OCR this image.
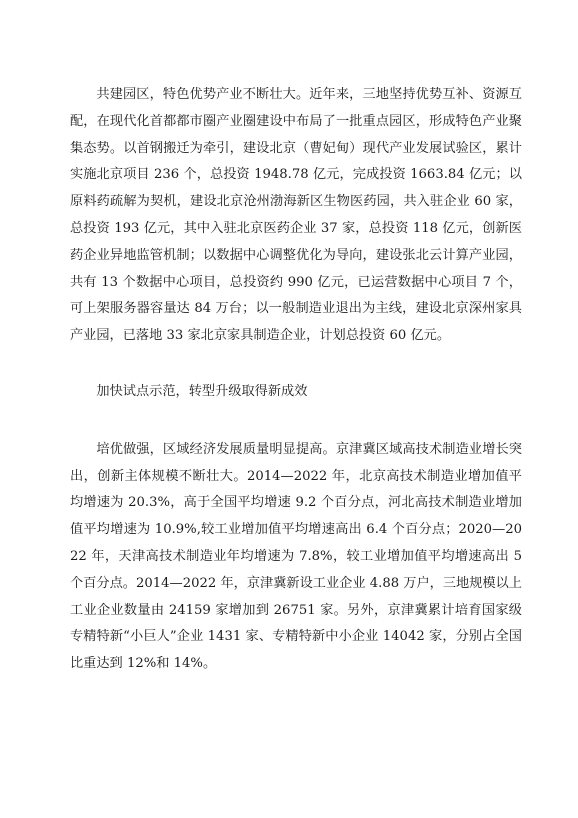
共建园区，特色优势产业不断壮大。近年来，三地坚持优势互补、资源互配，在现代化首都都市圈产业圈建设中布局了一批重点园区，形成特色产业聚集态势。以首钢搬迁为牵引，建设北京（曹妃甸）现代产业发展试验区，累计实施北京项目 236 个，总投资 1948.78 亿元，完成投资 1663.84 亿元；以原料药疏解为契机，建设北京沧州渤海新区生物医药园，共入驻企业 60 家，总投资 193 亿元，其中入驻北京医药企业 37 家，总投资 118 亿元，创新医药企业异地监管机制；以数据中心调整优化为导向，建设张北云计算产业园，共有 13 个数据中心项目，总投资约 990 亿元，已运营数据中心项目 7 个，可上架服务器容量达 84 万台；以一般制造业退出为主线，建设北京深州家具产业园，已落地 33 家北京家具制造企业，计划总投资 60 亿元。

加快试点示范，转型升级取得新成效

培优做强，区域经济发展质量明显提高。京津冀区域高技术制造业增长突出，创新主体规模不断壮大。2014—2022 年，北京高技术制造业增加值平均增速为 20.3%，高于全国平均增速 9.2 个百分点，河北高技术制造业增加值平均增速为 10.9%,较工业增加值平均增速高出 6.4 个百分点；2020—2022 年，天津高技术制造业年均增速为 7.8%，较工业增加值平均增速高出 5 个百分点。2014—2022 年，京津冀新设工业企业 4.88 万户，三地规模以上工业企业数量由 24159 家增加到 26751 家。另外，京津冀累计培育国家级专精特新“小巨人”企业 1431 家、专精特新中小企业 14042 家，分别占全国比重达到 12%和 14%。
